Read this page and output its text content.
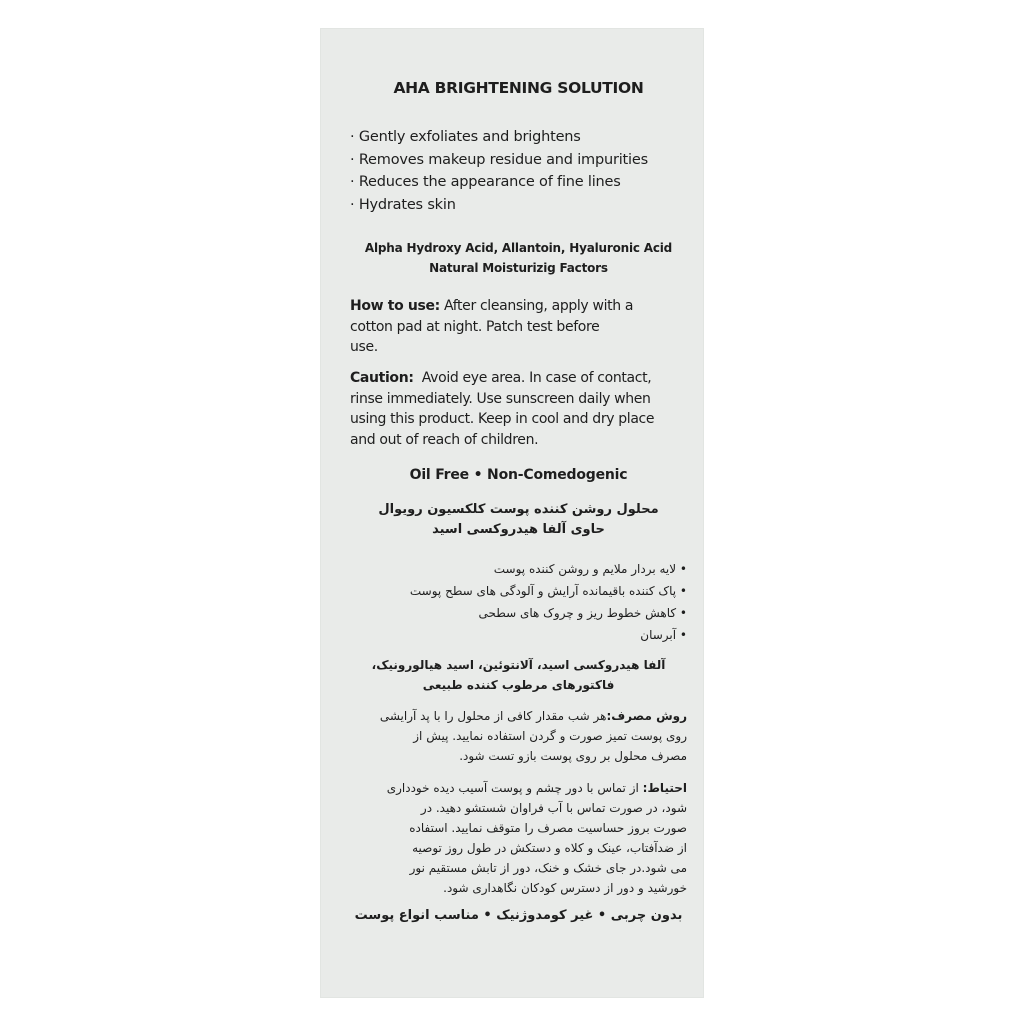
AHA BRIGHTENING SOLUTION
· Gently exfoliates and brightens
· Removes makeup residue and impurities
· Reduces the appearance of fine lines
· Hydrates skin
Alpha Hydroxy Acid, Allantoin, Hyaluronic Acid
Natural Moisturizig Factors
How to use: After cleansing, apply with a
cotton pad at night. Patch test before
use.
Caution:  Avoid eye area. In case of contact,
rinse immediately. Use sunscreen daily when
using this product. Keep in cool and dry place
and out of reach of children.
Oil Free • Non-Comedogenic
محلول روشن کننده پوست کلکسیون رویوال
حاوی آلفا هیدروکسی اسید
• لایه بردار ملایم و روشن کننده پوست
• پاک کننده باقیمانده آرایش و آلودگی های سطح پوست
• کاهش خطوط ریز و چروک های سطحی
• آبرسان
آلفا هیدروکسی اسید، آلانتوئین، اسید هیالورونیک،
فاکتورهای مرطوب کننده طبیعی
روش مصرف:هر شب مقدار کافی از محلول را با پد آرایشی
روی پوست تمیز صورت و گردن استفاده نمایید. پیش از
مصرف محلول بر روی پوست بازو تست شود.
احتیاط: از تماس با دور چشم و پوست آسیب دیده خودداری
شود، در صورت تماس با آب فراوان شستشو دهید. در
صورت بروز حساسیت مصرف را متوقف نمایید. استفاده
از ضدآفتاب، عینک و کلاه و دستکش در طول روز توصیه
می شود.در جای خشک و خنک، دور از تابش مستقیم نور
خورشید و دور از دسترس کودکان نگاهداری شود.
بدون چربی • غیر کومدوژنیک • مناسب انواع پوست
